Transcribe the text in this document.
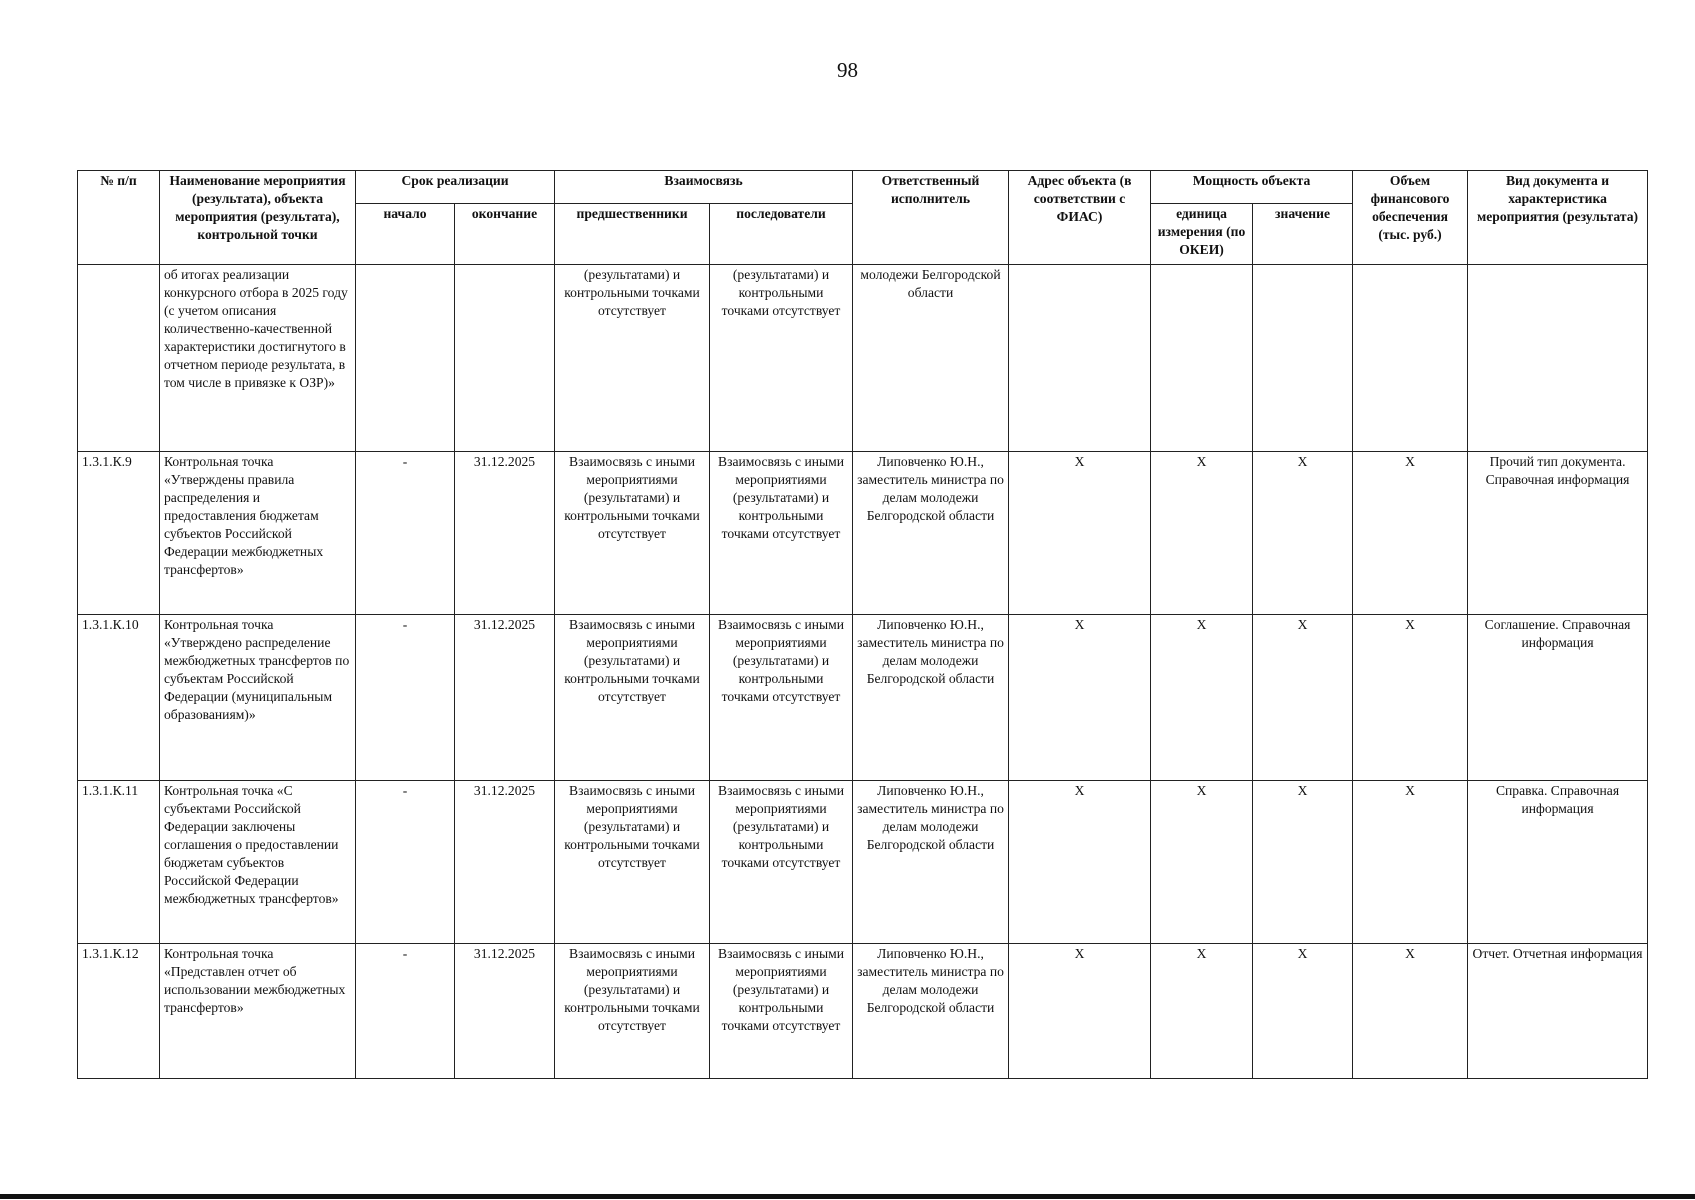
98
№ п/п	Наименование мероприятия (результата), объекта мероприятия (результата), контрольной точки	Срок реализации		Взаимосвязь		Ответственный исполнитель	Адрес объекта (в соответствии с ФИАС)	Мощность объекта		Объем финансового обеспечения (тыс. руб.)	Вид документа и характеристика мероприятия (результата)
		начало	окончание	предшественники	последователи			единица измерения (по ОКЕИ)	значение		
	об итогах реализации конкурсного отбора в 2025 году (с учетом описания количественно-качественной характеристики достигнутого в отчетном периоде результата, в том числе в привязке к ОЗР)»			(результатами) и контрольными точками отсутствует	(результатами) и контрольными точками отсутствует	молодежи Белгородской области					
1.3.1.К.9	Контрольная точка «Утверждены правила распределения и предоставления бюджетам субъектов Российской Федерации межбюджетных трансфертов»	-	31.12.2025	Взаимосвязь с иными мероприятиями (результатами) и контрольными точками отсутствует	Взаимосвязь с иными мероприятиями (результатами) и контрольными точками отсутствует	Липовченко Ю.Н., заместитель министра по делам молодежи Белгородской области	X	X	X	X	Прочий тип документа. Справочная информация
1.3.1.К.10	Контрольная точка «Утверждено распределение межбюджетных трансфертов по субъектам Российской Федерации (муниципальным образованиям)»	-	31.12.2025	Взаимосвязь с иными мероприятиями (результатами) и контрольными точками отсутствует	Взаимосвязь с иными мероприятиями (результатами) и контрольными точками отсутствует	Липовченко Ю.Н., заместитель министра по делам молодежи Белгородской области	X	X	X	X	Соглашение. Справочная информация
1.3.1.К.11	Контрольная точка «С субъектами Российской Федерации заключены соглашения о предоставлении бюджетам субъектов Российской Федерации межбюджетных трансфертов»	-	31.12.2025	Взаимосвязь с иными мероприятиями (результатами) и контрольными точками отсутствует	Взаимосвязь с иными мероприятиями (результатами) и контрольными точками отсутствует	Липовченко Ю.Н., заместитель министра по делам молодежи Белгородской области	X	X	X	X	Справка. Справочная информация
1.3.1.К.12	Контрольная точка «Представлен отчет об использовании межбюджетных трансфертов»	-	31.12.2025	Взаимосвязь с иными мероприятиями (результатами) и контрольными точками отсутствует	Взаимосвязь с иными мероприятиями (результатами) и контрольными точками отсутствует	Липовченко Ю.Н., заместитель министра по делам молодежи Белгородской области	X	X	X	X	Отчет. Отчетная информация
